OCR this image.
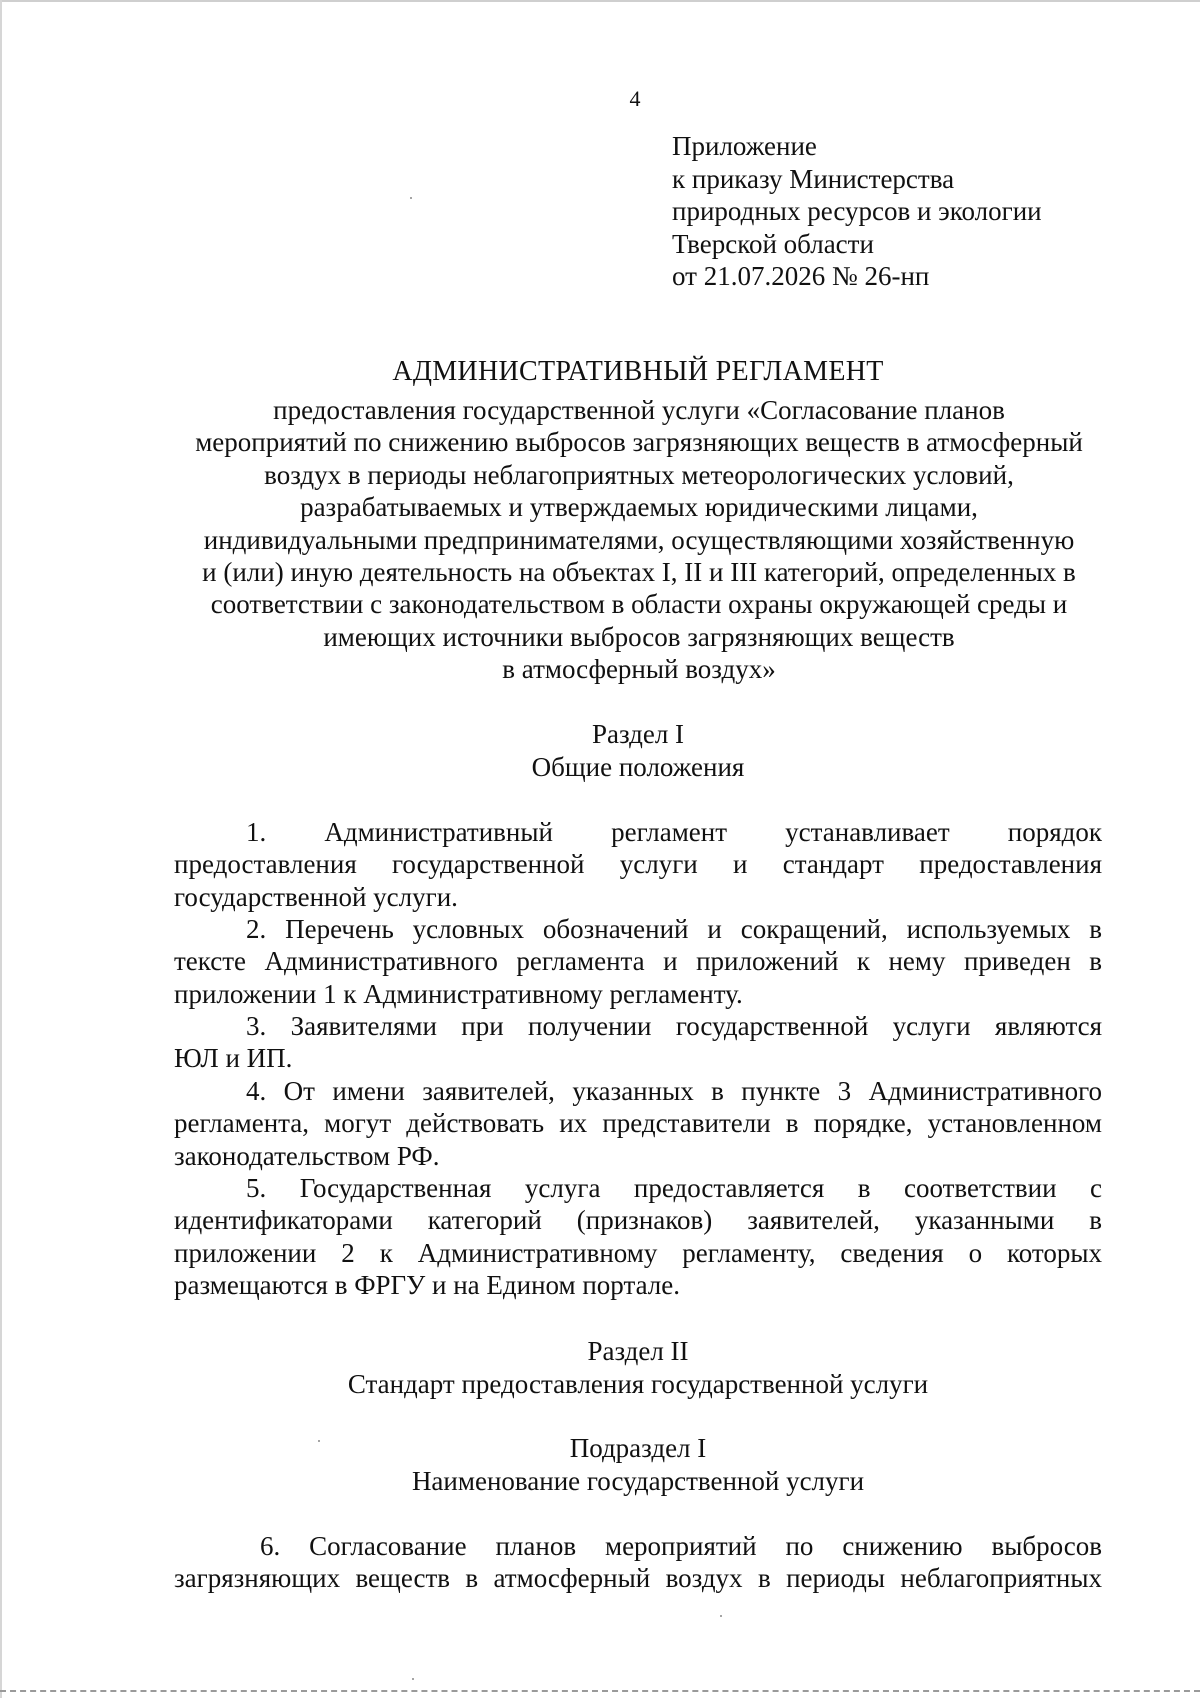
4
Приложение
к приказу Министерства
природных ресурсов и экологии
Тверской области
от 21.07.2026 № 26-нп
АДМИНИСТРАТИВНЫЙ РЕГЛАМЕНТ
предоставления государственной услуги «Согласование планов
мероприятий по снижению выбросов загрязняющих веществ в атмосферный
воздух в периоды неблагоприятных метеорологических условий,
разрабатываемых и утверждаемых юридическими лицами,
индивидуальными предпринимателями, осуществляющими хозяйственную
и (или) иную деятельность на объектах I, II и III категорий, определенных в
соответствии с законодательством в области охраны окружающей среды и
имеющих источники выбросов загрязняющих веществ
в атмосферный воздух»
Раздел I
Общие положения
1. Административный регламент устанавливает порядок
предоставления государственной услуги и стандарт предоставления
государственной услуги.
2. Перечень условных обозначений и сокращений, используемых в
тексте Административного регламента и приложений к нему приведен в
приложении 1 к Административному регламенту.
3. Заявителями при получении государственной услуги являются
ЮЛ и ИП.
4. От имени заявителей, указанных в пункте 3 Административного
регламента, могут действовать их представители в порядке, установленном
законодательством РФ.
5. Государственная услуга предоставляется в соответствии с
идентификаторами категорий (признаков) заявителей, указанными в
приложении 2 к Административному регламенту, сведения о которых
размещаются в ФРГУ и на Едином портале.
Раздел II
Стандарт предоставления государственной услуги
Подраздел I
Наименование государственной услуги
6. Согласование планов мероприятий по снижению выбросов
загрязняющих веществ в атмосферный воздух в периоды неблагоприятных
